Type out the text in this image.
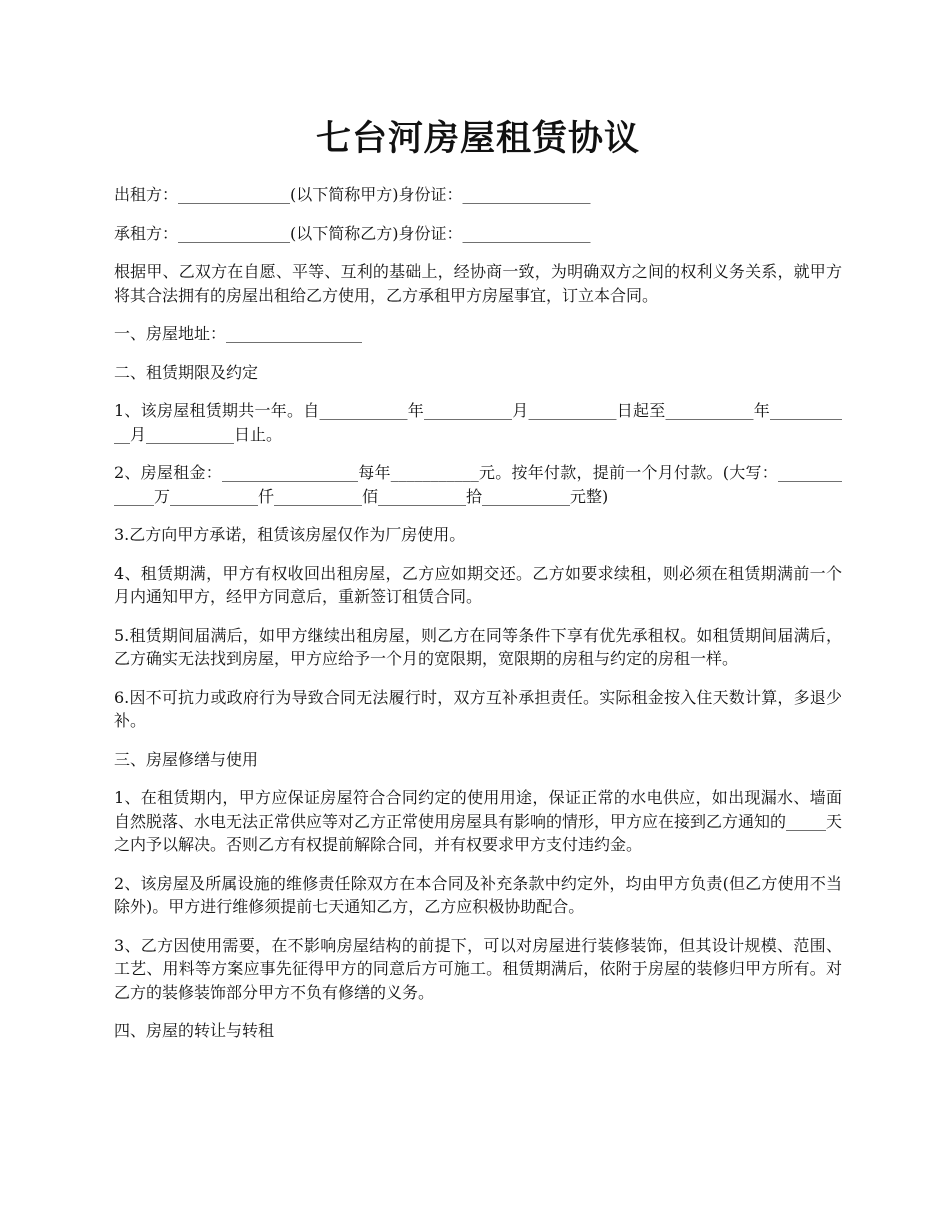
七台河房屋租赁协议

出租方：______________(以下简称甲方)身份证：________________

承租方：______________(以下简称乙方)身份证：________________

根据甲、乙双方在自愿、平等、互利的基础上，经协商一致，为明确双方之间的权利义务关系，就甲方将其合法拥有的房屋出租给乙方使用，乙方承租甲方房屋事宜，订立本合同。

一、房屋地址：_________________

二、租赁期限及约定

1、该房屋租赁期共一年。自___________年___________月___________日起至___________年___________月___________日止。

2、房屋租金：_________________每年___________元。按年付款，提前一个月付款。(大写：_____________万___________仟___________佰___________拾___________元整)

3.乙方向甲方承诺，租赁该房屋仅作为厂房使用。

4、租赁期满，甲方有权收回出租房屋，乙方应如期交还。乙方如要求续租，则必须在租赁期满前一个月内通知甲方，经甲方同意后，重新签订租赁合同。

5.租赁期间届满后，如甲方继续出租房屋，则乙方在同等条件下享有优先承租权。如租赁期间届满后，乙方确实无法找到房屋，甲方应给予一个月的宽限期，宽限期的房租与约定的房租一样。

6.因不可抗力或政府行为导致合同无法履行时，双方互补承担责任。实际租金按入住天数计算，多退少补。

三、房屋修缮与使用

1、在租赁期内，甲方应保证房屋符合合同约定的使用用途，保证正常的水电供应，如出现漏水、墙面自然脱落、水电无法正常供应等对乙方正常使用房屋具有影响的情形，甲方应在接到乙方通知的_____天之内予以解决。否则乙方有权提前解除合同，并有权要求甲方支付违约金。

2、该房屋及所属设施的维修责任除双方在本合同及补充条款中约定外，均由甲方负责(但乙方使用不当除外)。甲方进行维修须提前七天通知乙方，乙方应积极协助配合。

3、乙方因使用需要，在不影响房屋结构的前提下，可以对房屋进行装修装饰，但其设计规模、范围、工艺、用料等方案应事先征得甲方的同意后方可施工。租赁期满后，依附于房屋的装修归甲方所有。对乙方的装修装饰部分甲方不负有修缮的义务。

四、房屋的转让与转租
